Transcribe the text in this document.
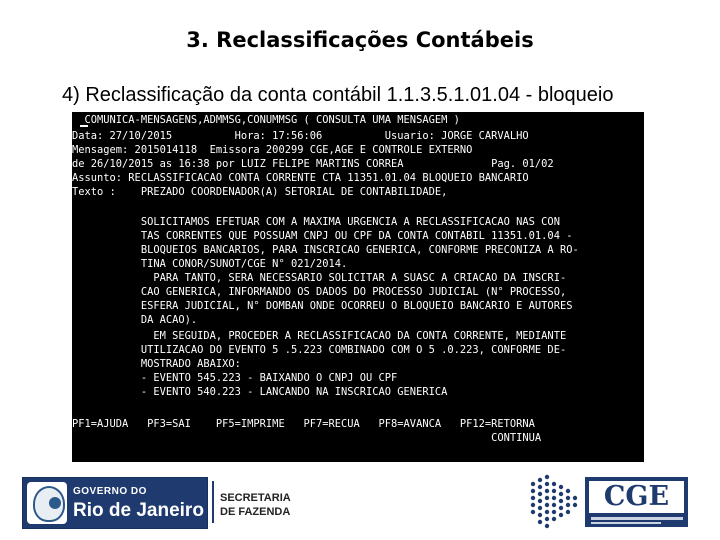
3. Reclassificações Contábeis
4) Reclassificação da conta contábil 1.1.3.5.1.01.04 - bloqueio
COMUNICA-MENSAGENS,ADMMSG,CONUMMSG ( CONSULTA UMA MENSAGEM )
Data: 27/10/2015          Hora: 17:56:06          Usuario: JORGE CARVALHO
Mensagem: 2015014118  Emissora 200299 CGE,AGE E CONTROLE EXTERNO
de 26/10/2015 as 16:38 por LUIZ FELIPE MARTINS CORREA              Pag. 01/02
Assunto: RECLASSIFICACAO CONTA CORRENTE CTA 11351.01.04 BLOQUEIO BANCARIO
Texto :    PREZADO COORDENADOR(A) SETORIAL DE CONTABILIDADE,
SOLICITAMOS EFETUAR COM A MAXIMA URGENCIA A RECLASSIFICACAO NAS CON
TAS CORRENTES QUE POSSUAM CNPJ OU CPF DA CONTA CONTABIL 11351.01.04 -
BLOQUEIOS BANCARIOS, PARA INSCRICAO GENERICA, CONFORME PRECONIZA A RO-
TINA CONOR/SUNOT/CGE N° 021/2014.
PARA TANTO, SERA NECESSARIO SOLICITAR A SUASC A CRIACAO DA INSCRI-
CAO GENERICA, INFORMANDO OS DADOS DO PROCESSO JUDICIAL (N° PROCESSO,
ESFERA JUDICIAL, N° DOMBAN ONDE OCORREU O BLOQUEIO BANCARIO E AUTORES
DA ACAO).
EM SEGUIDA, PROCEDER A RECLASSIFICACAO DA CONTA CORRENTE, MEDIANTE
UTILIZACAO DO EVENTO 5 .5.223 COMBINADO COM O 5 .0.223, CONFORME DE-
MOSTRADO ABAIXO:
- EVENTO 545.223 - BAIXANDO O CNPJ OU CPF
- EVENTO 540.223 - LANCANDO NA INSCRICAO GENERICA
PF1=AJUDA   PF3=SAI    PF5=IMPRIME   PF7=RECUA   PF8=AVANCA   PF12=RETORNA
CONTINUA
GOVERNO DO
Rio de Janeiro
SECRETARIA
DE FAZENDA	CGE
